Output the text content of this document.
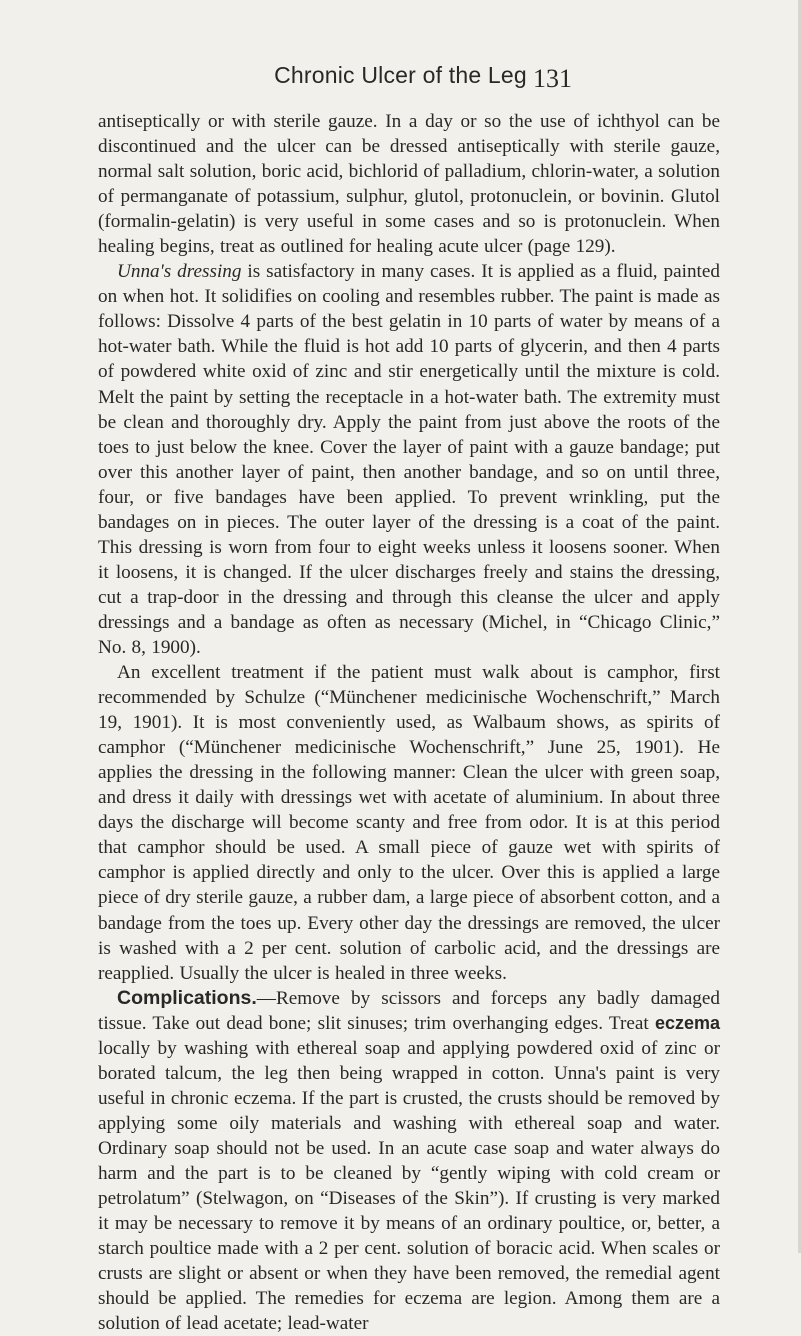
Chronic Ulcer of the Leg 131

antiseptically or with sterile gauze. In a day or so the use of ichthyol can be discontinued and the ulcer can be dressed antiseptically with sterile gauze, normal salt solution, boric acid, bichlorid of palladium, chlorin-water, a solution of permanganate of potassium, sulphur, glutol, protonuclein, or bovinin. Glutol (formalin-gelatin) is very useful in some cases and so is protonuclein. When healing begins, treat as outlined for healing acute ulcer (page 129).

Unna's dressing is satisfactory in many cases. It is applied as a fluid, painted on when hot. It solidifies on cooling and resembles rubber. The paint is made as follows: Dissolve 4 parts of the best gelatin in 10 parts of water by means of a hot-water bath. While the fluid is hot add 10 parts of glycerin, and then 4 parts of powdered white oxid of zinc and stir energetically until the mixture is cold. Melt the paint by setting the receptacle in a hot-water bath. The extremity must be clean and thoroughly dry. Apply the paint from just above the roots of the toes to just below the knee. Cover the layer of paint with a gauze bandage; put over this another layer of paint, then another bandage, and so on until three, four, or five bandages have been applied. To prevent wrinkling, put the bandages on in pieces. The outer layer of the dressing is a coat of the paint. This dressing is worn from four to eight weeks unless it loosens sooner. When it loosens, it is changed. If the ulcer discharges freely and stains the dressing, cut a trap-door in the dressing and through this cleanse the ulcer and apply dressings and a bandage as often as necessary (Michel, in “Chicago Clinic,” No. 8, 1900).

An excellent treatment if the patient must walk about is camphor, first recommended by Schulze (“Münchener medicinische Wochenschrift,” March 19, 1901). It is most conveniently used, as Walbaum shows, as spirits of camphor (“Münchener medicinische Wochenschrift,” June 25, 1901). He applies the dressing in the following manner: Clean the ulcer with green soap, and dress it daily with dressings wet with acetate of aluminium. In about three days the discharge will become scanty and free from odor. It is at this period that camphor should be used. A small piece of gauze wet with spirits of camphor is applied directly and only to the ulcer. Over this is applied a large piece of dry sterile gauze, a rubber dam, a large piece of absorbent cotton, and a bandage from the toes up. Every other day the dressings are removed, the ulcer is washed with a 2 per cent. solution of carbolic acid, and the dressings are reapplied. Usually the ulcer is healed in three weeks.

Complications.—Remove by scissors and forceps any badly damaged tissue. Take out dead bone; slit sinuses; trim overhanging edges. Treat eczema locally by washing with ethereal soap and applying powdered oxid of zinc or borated talcum, the leg then being wrapped in cotton. Unna's paint is very useful in chronic eczema. If the part is crusted, the crusts should be removed by applying some oily materials and washing with ethereal soap and water. Ordinary soap should not be used. In an acute case soap and water always do harm and the part is to be cleaned by “gently wiping with cold cream or petrolatum” (Stelwagon, on “Diseases of the Skin”). If crusting is very marked it may be necessary to remove it by means of an ordinary poultice, or, better, a starch poultice made with a 2 per cent. solution of boracic acid. When scales or crusts are slight or absent or when they have been removed, the remedial agent should be applied. The remedies for eczema are legion. Among them are a solution of lead acetate; lead-water
